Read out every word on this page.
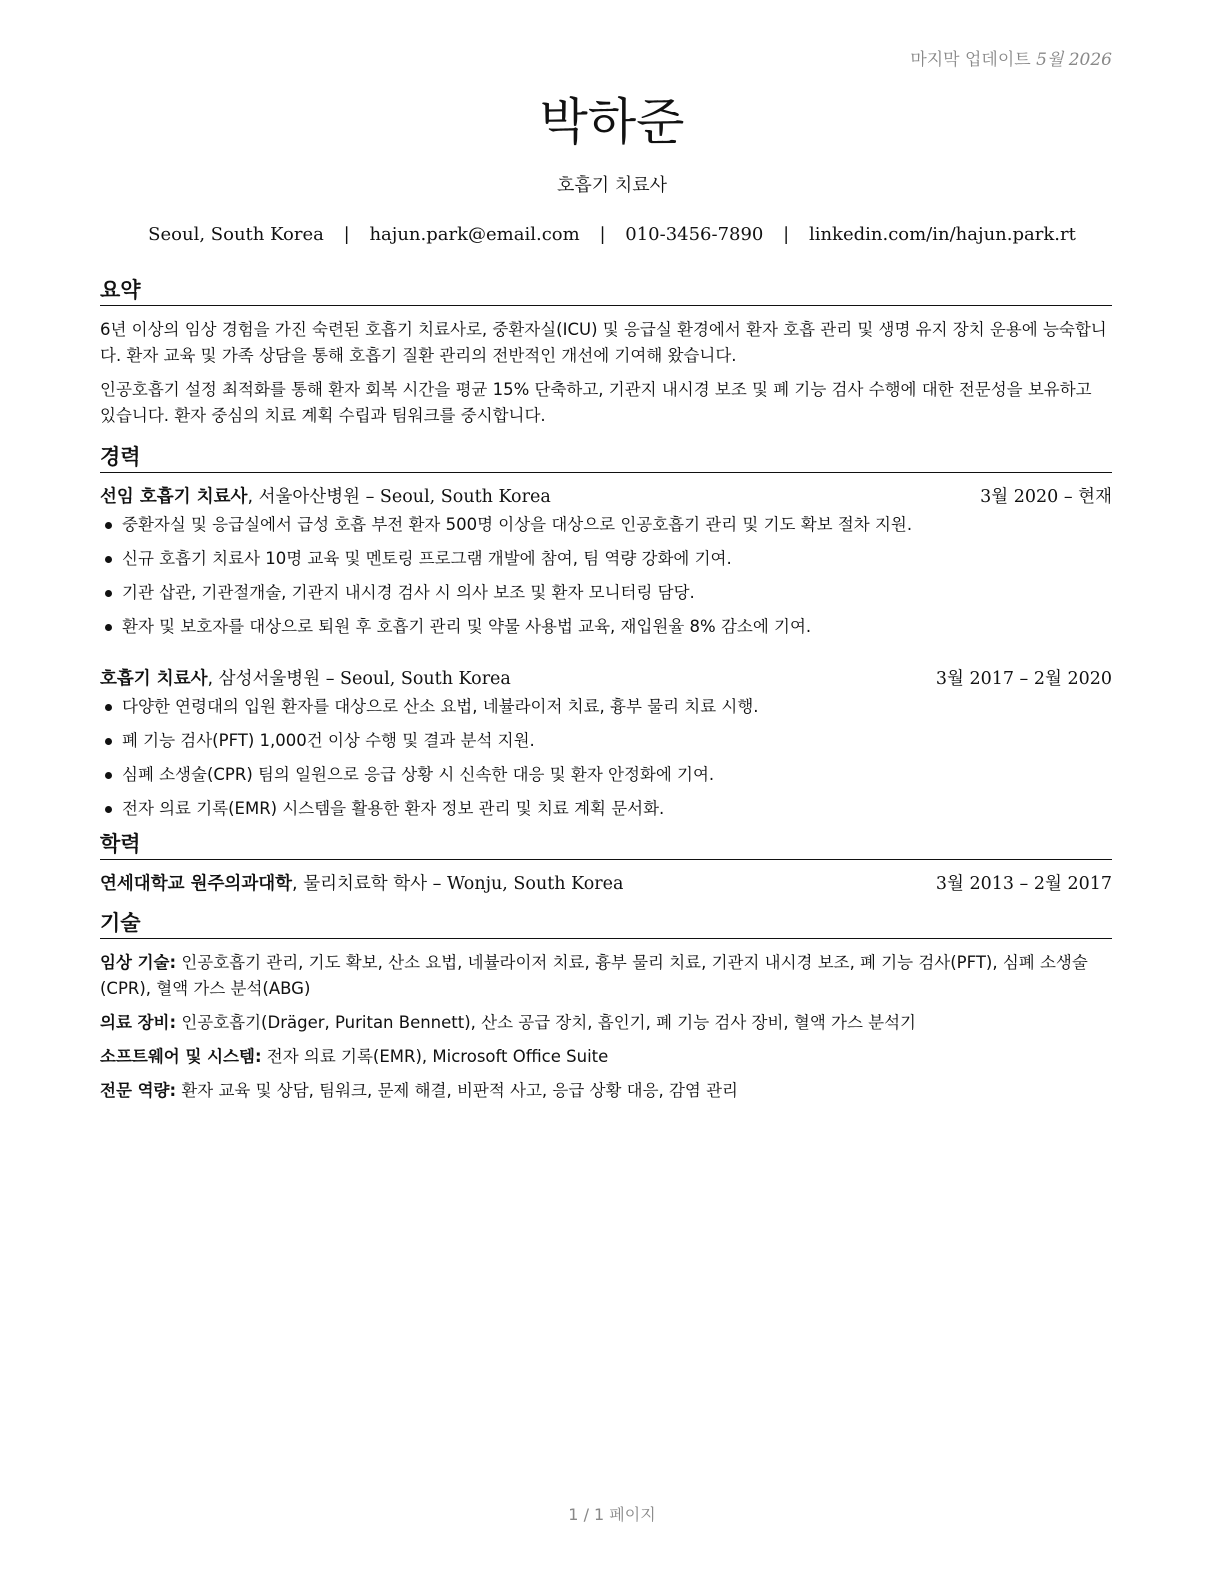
마지막 업데이트 5월 2026
박하준
호흡기 치료사
Seoul, South Korea | hajun.park@email.com | 010-3456-7890 | linkedin.com/in/hajun.park.rt
요약

6년 이상의 임상 경험을 가진 숙련된 호흡기 치료사로, 중환자실(ICU) 및 응급실 환경에서 환자 호흡 관리 및 생명 유지 장치 운용에 능숙합니다. 환자 교육 및 가족 상담을 통해 호흡기 질환 관리의 전반적인 개선에 기여해 왔습니다.

인공호흡기 설정 최적화를 통해 환자 회복 시간을 평균 15% 단축하고, 기관지 내시경 보조 및 폐 기능 검사 수행에 대한 전문성을 보유하고 있습니다. 환자 중심의 치료 계획 수립과 팀워크를 중시합니다.

경력
선임 호흡기 치료사, 서울아산병원 – Seoul, South Korea	3월 2020 – 현재
중환자실 및 응급실에서 급성 호흡 부전 환자 500명 이상을 대상으로 인공호흡기 관리 및 기도 확보 절차 지원.
신규 호흡기 치료사 10명 교육 및 멘토링 프로그램 개발에 참여, 팀 역량 강화에 기여.
기관 삽관, 기관절개술, 기관지 내시경 검사 시 의사 보조 및 환자 모니터링 담당.
환자 및 보호자를 대상으로 퇴원 후 호흡기 관리 및 약물 사용법 교육, 재입원율 8% 감소에 기여.
호흡기 치료사, 삼성서울병원 – Seoul, South Korea	3월 2017 – 2월 2020
다양한 연령대의 입원 환자를 대상으로 산소 요법, 네뷸라이저 치료, 흉부 물리 치료 시행.
폐 기능 검사(PFT) 1,000건 이상 수행 및 결과 분석 지원.
심폐 소생술(CPR) 팀의 일원으로 응급 상황 시 신속한 대응 및 환자 안정화에 기여.
전자 의료 기록(EMR) 시스템을 활용한 환자 정보 관리 및 치료 계획 문서화.
학력
연세대학교 원주의과대학, 물리치료학 학사 – Wonju, South Korea	3월 2013 – 2월 2017
기술

임상 기술: 인공호흡기 관리, 기도 확보, 산소 요법, 네뷸라이저 치료, 흉부 물리 치료, 기관지 내시경 보조, 폐 기능 검사(PFT), 심폐 소생술(CPR), 혈액 가스 분석(ABG)

의료 장비: 인공호흡기(Dräger, Puritan Bennett), 산소 공급 장치, 흡인기, 폐 기능 검사 장비, 혈액 가스 분석기

소프트웨어 및 시스템: 전자 의료 기록(EMR), Microsoft Office Suite

전문 역량: 환자 교육 및 상담, 팀워크, 문제 해결, 비판적 사고, 응급 상황 대응, 감염 관리

1 / 1 페이지
